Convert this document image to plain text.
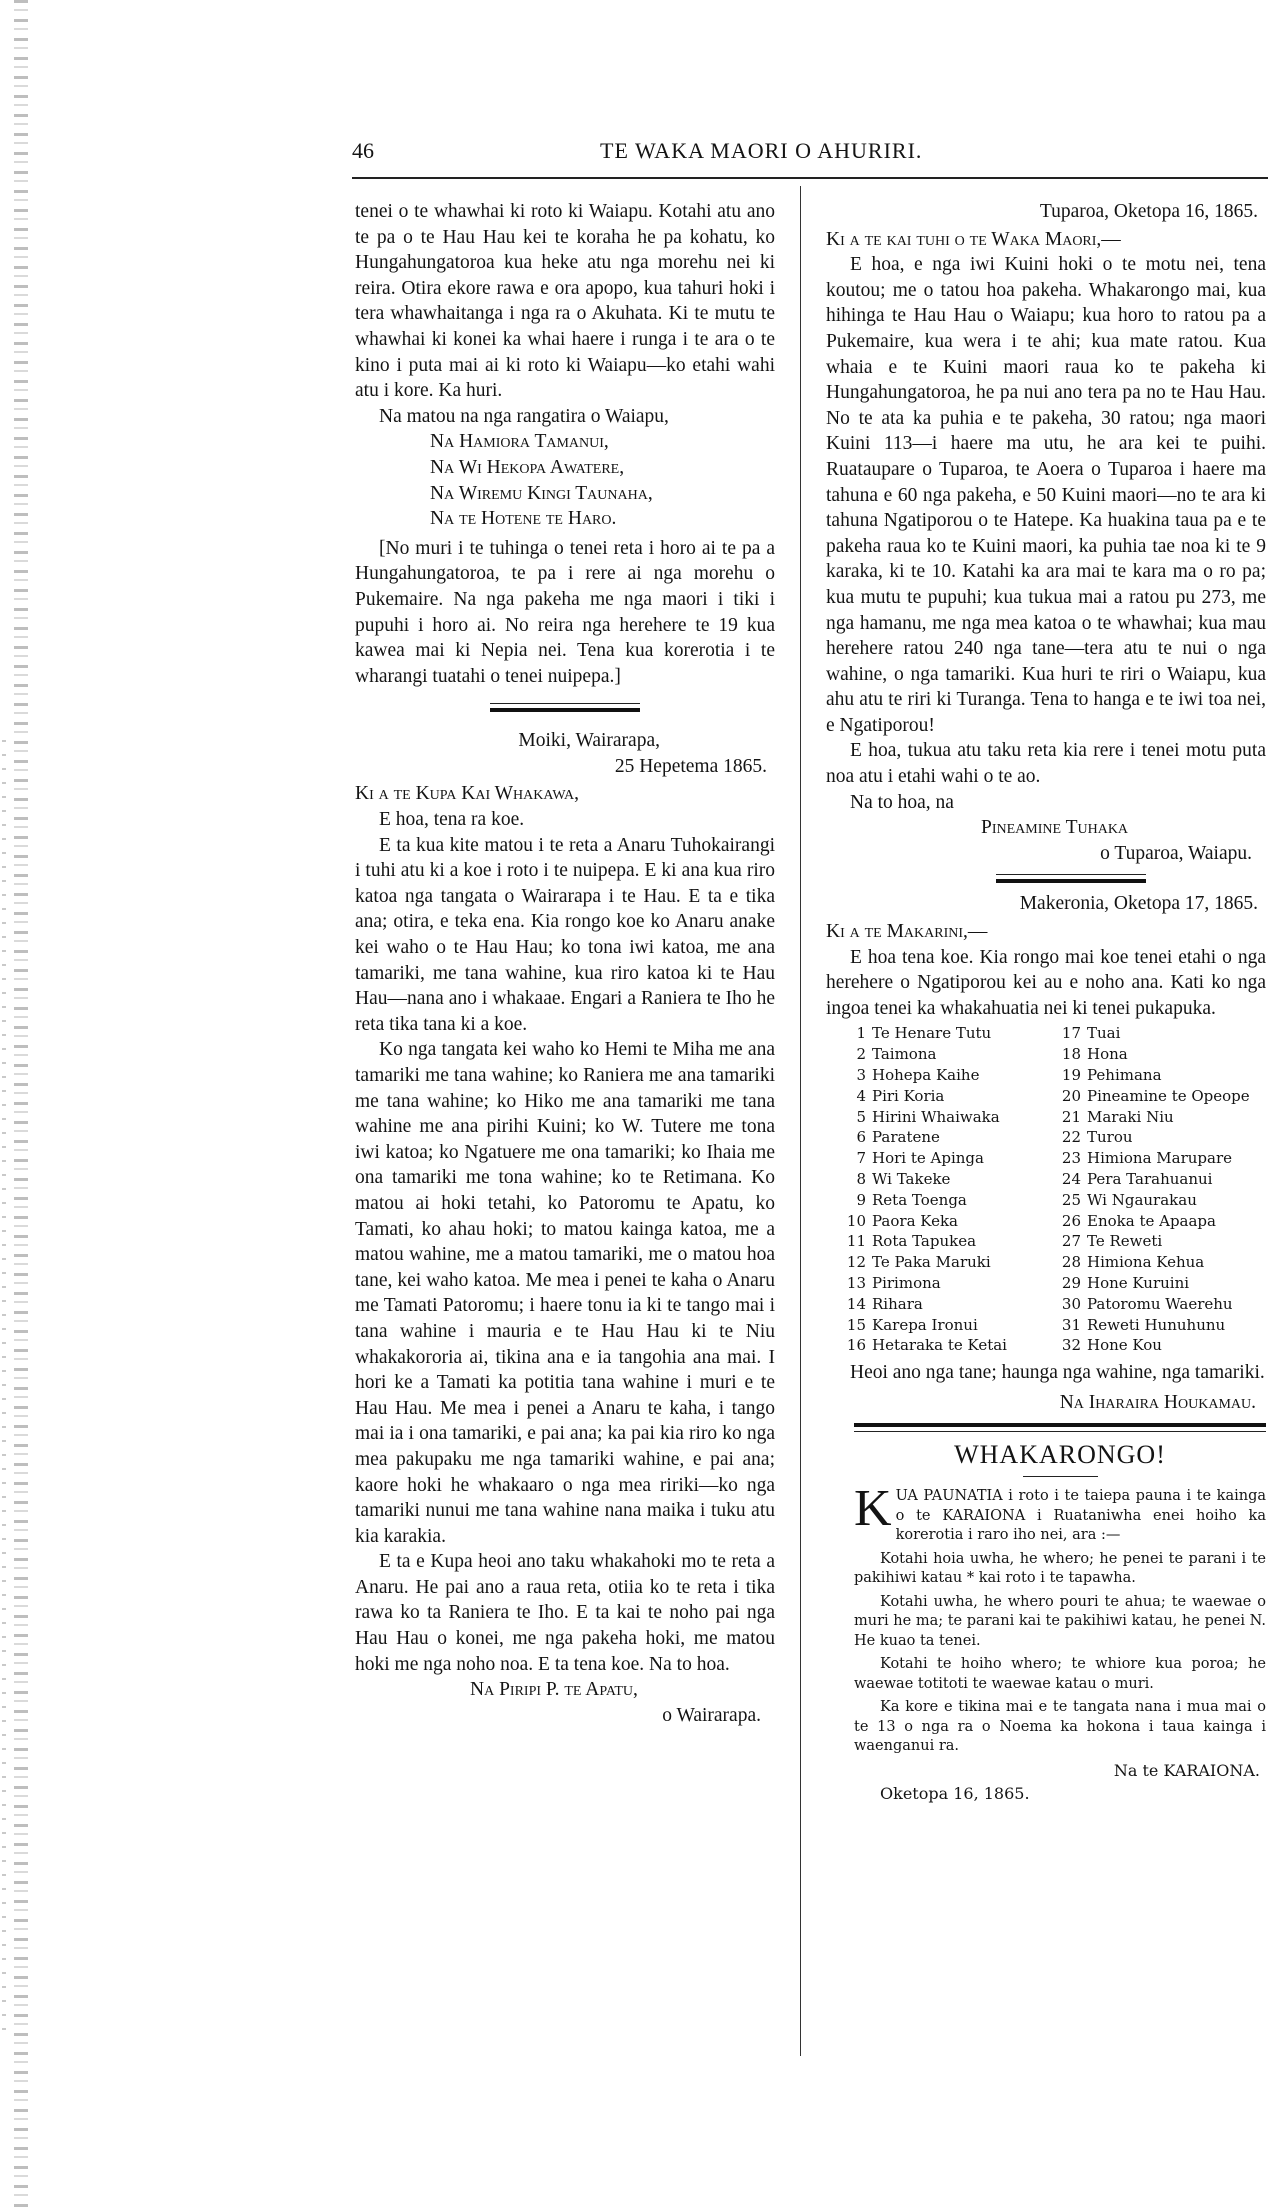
46	TE WAKA MAORI O AHURIRI.

tenei o te whawhai ki roto ki Waiapu. Kotahi atu ano te pa o te Hau Hau kei te koraha he pa kohatu, ko Hungahungatoroa kua heke atu nga morehu nei ki reira. Otira ekore rawa e ora apopo, kua tahuri hoki i tera whawhaitanga i nga ra o Akuhata. Ki te mutu te whawhai ki konei ka whai haere i runga i te ara o te kino i puta mai ai ki roto ki Waiapu—ko etahi wahi atu i kore. Ka huri.

Na matou na nga rangatira o Waiapu,

Na Hamiora Tamanui,

Na Wi Hekopa Awatere,

Na Wiremu Kingi Taunaha,

Na te Hotene te Haro.

[No muri i te tuhinga o tenei reta i horo ai te pa a Hungahungatoroa, te pa i rere ai nga morehu o Pukemaire. Na nga pakeha me nga maori i tiki i pupuhi i horo ai. No reira nga herehere te 19 kua kawea mai ki Nepia nei. Tena kua korerotia i te wharangi tuatahi o tenei nuipepa.]

Moiki, Wairarapa,

25 Hepetema 1865.

Ki a te Kupa Kai Whakawa,

E hoa, tena ra koe.

E ta kua kite matou i te reta a Anaru Tuhokairangi i tuhi atu ki a koe i roto i te nuipepa. E ki ana kua riro katoa nga tangata o Wairarapa i te Hau. E ta e tika ana; otira, e teka ena. Kia rongo koe ko Anaru anake kei waho o te Hau Hau; ko tona iwi katoa, me ana tamariki, me tana wahine, kua riro katoa ki te Hau Hau—nana ano i whakaae. Engari a Raniera te Iho he reta tika tana ki a koe.

Ko nga tangata kei waho ko Hemi te Miha me ana tamariki me tana wahine; ko Raniera me ana tamariki me tana wahine; ko Hiko me ana tamariki me tana wahine me ana pirihi Kuini; ko W. Tutere me tona iwi katoa; ko Ngatuere me ona tamariki; ko Ihaia me ona tamariki me tona wahine; ko te Retimana. Ko matou ai hoki tetahi, ko Patoromu te Apatu, ko Tamati, ko ahau hoki; to matou kainga katoa, me a matou wahine, me a matou tamariki, me o matou hoa tane, kei waho katoa. Me mea i penei te kaha o Anaru me Tamati Patoromu; i haere tonu ia ki te tango mai i tana wahine i mauria e te Hau Hau ki te Niu whakakororia ai, tikina ana e ia tangohia ana mai. I hori ke a Tamati ka potitia tana wahine i muri e te Hau Hau. Me mea i penei a Anaru te kaha, i tango mai ia i ona tamariki, e pai ana; ka pai kia riro ko nga mea pakupaku me nga tamariki wahine, e pai ana; kaore hoki he whakaaro o nga mea ririki—ko nga tamariki nunui me tana wahine nana maika i tuku atu kia karakia.

E ta e Kupa heoi ano taku whakahoki mo te reta a Anaru. He pai ano a raua reta, otiia ko te reta i tika rawa ko ta Raniera te Iho. E ta kai te noho pai nga Hau Hau o konei, me nga pakeha hoki, me matou hoki me nga noho noa. E ta tena koe. Na to hoa.

Na Piripi P. te Apatu,

o Wairarapa.

Tuparoa, Oketopa 16, 1865.

Ki a te kai tuhi o te Waka Maori,—

E hoa, e nga iwi Kuini hoki o te motu nei, tena koutou; me o tatou hoa pakeha. Whakarongo mai, kua hihinga te Hau Hau o Waiapu; kua horo to ratou pa a Pukemaire, kua wera i te ahi; kua mate ratou. Kua whaia e te Kuini maori raua ko te pakeha ki Hungahungatoroa, he pa nui ano tera pa no te Hau Hau. No te ata ka puhia e te pakeha, 30 ratou; nga maori Kuini 113—i haere ma utu, he ara kei te puihi. Ruataupare o Tuparoa, te Aoera o Tuparoa i haere ma tahuna e 60 nga pakeha, e 50 Kuini maori—no te ara ki tahuna Ngatiporou o te Hatepe. Ka huakina taua pa e te pakeha raua ko te Kuini maori, ka puhia tae noa ki te 9 karaka, ki te 10. Katahi ka ara mai te kara ma o ro pa; kua mutu te pupuhi; kua tukua mai a ratou pu 273, me nga hamanu, me nga mea katoa o te whawhai; kua mau herehere ratou 240 nga tane—tera atu te nui o nga wahine, o nga tamariki. Kua huri te riri o Waiapu, kua ahu atu te riri ki Turanga. Tena to hanga e te iwi toa nei, e Ngatiporou!

E hoa, tukua atu taku reta kia rere i tenei motu puta noa atu i etahi wahi o te ao.

Na to hoa, na

Pineamine Tuhaka

o Tuparoa, Waiapu.

Makeronia, Oketopa 17, 1865.

Ki a te Makarini,—

E hoa tena koe. Kia rongo mai koe tenei etahi o nga herehere o Ngatiporou kei au e noho ana. Kati ko nga ingoa tenei ka whakahuatia nei ki tenei pukapuka.

1 Te Henare Tutu
2 Taimona
3 Hohepa Kaihe
4 Piri Koria
5 Hirini Whaiwaka
6 Paratene
7 Hori te Apinga
8 Wi Takeke
9 Reta Toenga
10 Paora Keka
11 Rota Tapukea
12 Te Paka Maruki
13 Pirimona
14 Rihara
15 Karepa Ironui
16 Hetaraka te Ketai
17 Tuai
18 Hona
19 Pehimana
20 Pineamine te Opeope
21 Maraki Niu
22 Turou
23 Himiona Marupare
24 Pera Tarahuanui
25 Wi Ngaurakau
26 Enoka te Apaapa
27 Te Reweti
28 Himiona Kehua
29 Hone Kuruini
30 Patoromu Waerehu
31 Reweti Hunuhunu
32 Hone Kou

Heoi ano nga tane; haunga nga wahine, nga tamariki.

Na Iharaira Houkamau.

WHAKARONGO!

K UA PAUNATIA i roto i te taiepa pauna i te kainga o te KARAIONA i Ruataniwha enei hoiho ka korerotia i raro iho nei, ara :—

Kotahi hoia uwha, he whero; he penei te parani i te pakihiwi katau * kai roto i te tapawha.

Kotahi uwha, he whero pouri te ahua; te waewae o muri he ma; te parani kai te pakihiwi katau, he penei N. He kuao ta tenei.

Kotahi te hoiho whero; te whiore kua poroa; he waewae totitoti te waewae katau o muri.

Ka kore e tikina mai e te tangata nana i mua mai o te 13 o nga ra o Noema ka hokona i taua kainga i waenganui ra.

Na te KARAIONA.

Oketopa 16, 1865.
